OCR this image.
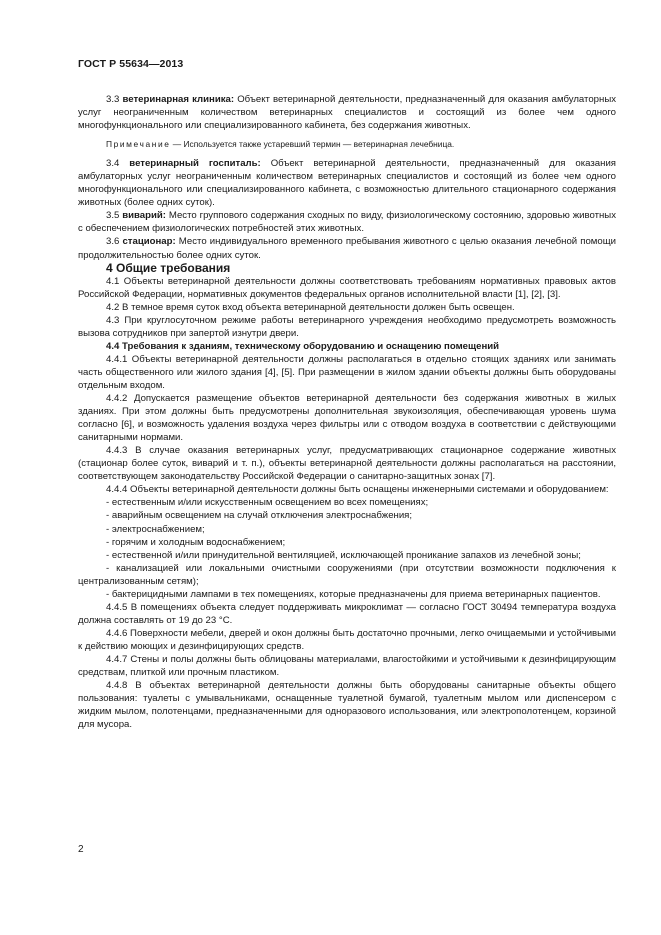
ГОСТ Р 55634—2013

3.3 ветеринарная клиника: Объект ветеринарной деятельности, предназначенный для оказания амбулаторных услуг неограниченным количеством ветеринарных специалистов и состоящий из более чем одного многофункционального или специализированного кабинета, без содержания животных.

Примечание — Используется также устаревший термин — ветеринарная лечебница.

3.4 ветеринарный госпиталь: Объект ветеринарной деятельности, предназначенный для оказания амбулаторных услуг неограниченным количеством ветеринарных специалистов и состоящий из более чем одного многофункционального или специализированного кабинета, с возможностью длительного стационарного содержания животных (более одних суток).

3.5 виварий: Место группового содержания сходных по виду, физиологическому состоянию, здоровью животных с обеспечением физиологических потребностей этих животных.

3.6 стационар: Место индивидуального временного пребывания животного с целью оказания лечебной помощи продолжительностью более одних суток.

4 Общие требования

4.1 Объекты ветеринарной деятельности должны соответствовать требованиям нормативных правовых актов Российской Федерации, нормативных документов федеральных органов исполнительной власти [1], [2], [3].

4.2 В темное время суток вход объекта ветеринарной деятельности должен быть освещен.

4.3 При круглосуточном режиме работы ветеринарного учреждения необходимо предусмотреть возможность вызова сотрудников при запертой изнутри двери.

4.4 Требования к зданиям, техническому оборудованию и оснащению помещений

4.4.1 Объекты ветеринарной деятельности должны располагаться в отдельно стоящих зданиях или занимать часть общественного или жилого здания [4], [5]. При размещении в жилом здании объекты должны быть оборудованы отдельным входом.

4.4.2 Допускается размещение объектов ветеринарной деятельности без содержания животных в жилых зданиях. При этом должны быть предусмотрены дополнительная звукоизоляция, обеспечивающая уровень шума согласно [6], и возможность удаления воздуха через фильтры или с отводом воздуха в соответствии с действующими санитарными нормами.

4.4.3 В случае оказания ветеринарных услуг, предусматривающих стационарное содержание животных (стационар более суток, виварий и т. п.), объекты ветеринарной деятельности должны располагаться на расстоянии, соответствующем законодательству Российской Федерации о санитарно-защитных зонах [7].

4.4.4 Объекты ветеринарной деятельности должны быть оснащены инженерными системами и оборудованием:

- естественным и/или искусственным освещением во всех помещениях;

- аварийным освещением на случай отключения электроснабжения;

- электроснабжением;

- горячим и холодным водоснабжением;

- естественной и/или принудительной вентиляцией, исключающей проникание запахов из лечебной зоны;

- канализацией или локальными очистными сооружениями (при отсутствии возможности подключения к централизованным сетям);

- бактерицидными лампами в тех помещениях, которые предназначены для приема ветеринарных пациентов.

4.4.5 В помещениях объекта следует поддерживать микроклимат — согласно ГОСТ 30494 температура воздуха должна составлять от 19 до 23 °С.

4.4.6 Поверхности мебели, дверей и окон должны быть достаточно прочными, легко очищаемыми и устойчивыми к действию моющих и дезинфицирующих средств.

4.4.7 Стены и полы должны быть облицованы материалами, влагостойкими и устойчивыми к дезинфицирующим средствам, плиткой или прочным пластиком.

4.4.8 В объектах ветеринарной деятельности должны быть оборудованы санитарные объекты общего пользования: туалеты с умывальниками, оснащенные туалетной бумагой, туалетным мылом или диспенсером с жидким мылом, полотенцами, предназначенными для одноразового использования, или электрополотенцем, корзиной для мусора.

2
